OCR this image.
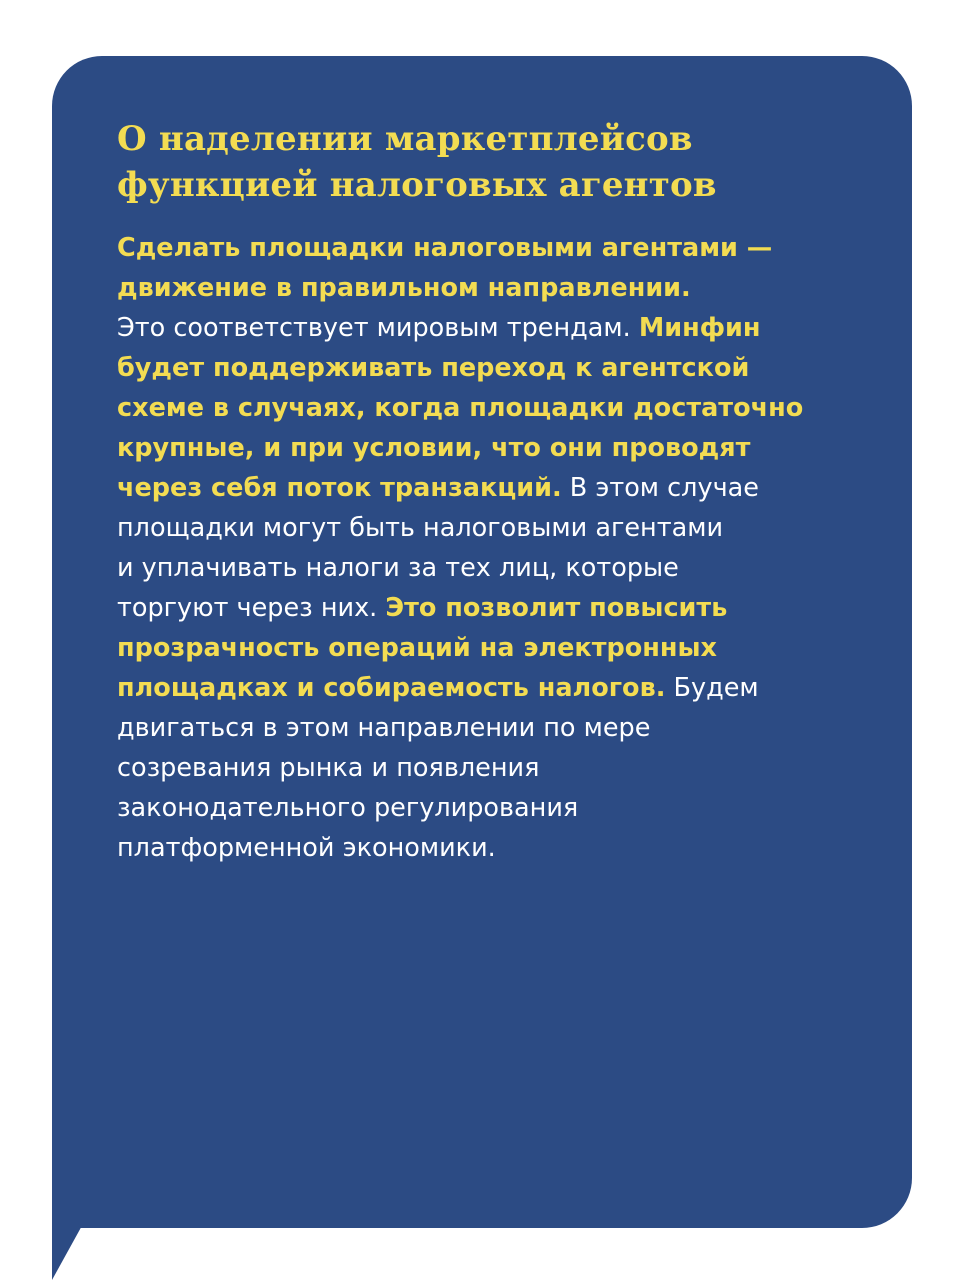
О наделении маркетплейсов
функцией налоговых агентов

Сделать площадки налоговыми агентами —
движение в правильном направлении.
Это соответствует мировым трендам. Минфин
будет поддерживать переход к агентской
схеме в случаях, когда площадки достаточно
крупные, и при условии, что они проводят
через себя поток транзакций. В этом случае
площадки могут быть налоговыми агентами
и уплачивать налоги за тех лиц, которые
торгуют через них. Это позволит повысить
прозрачность операций на электронных
площадках и собираемость налогов. Будем
двигаться в этом направлении по мере
созревания рынка и появления
законодательного регулирования
платформенной экономики.
